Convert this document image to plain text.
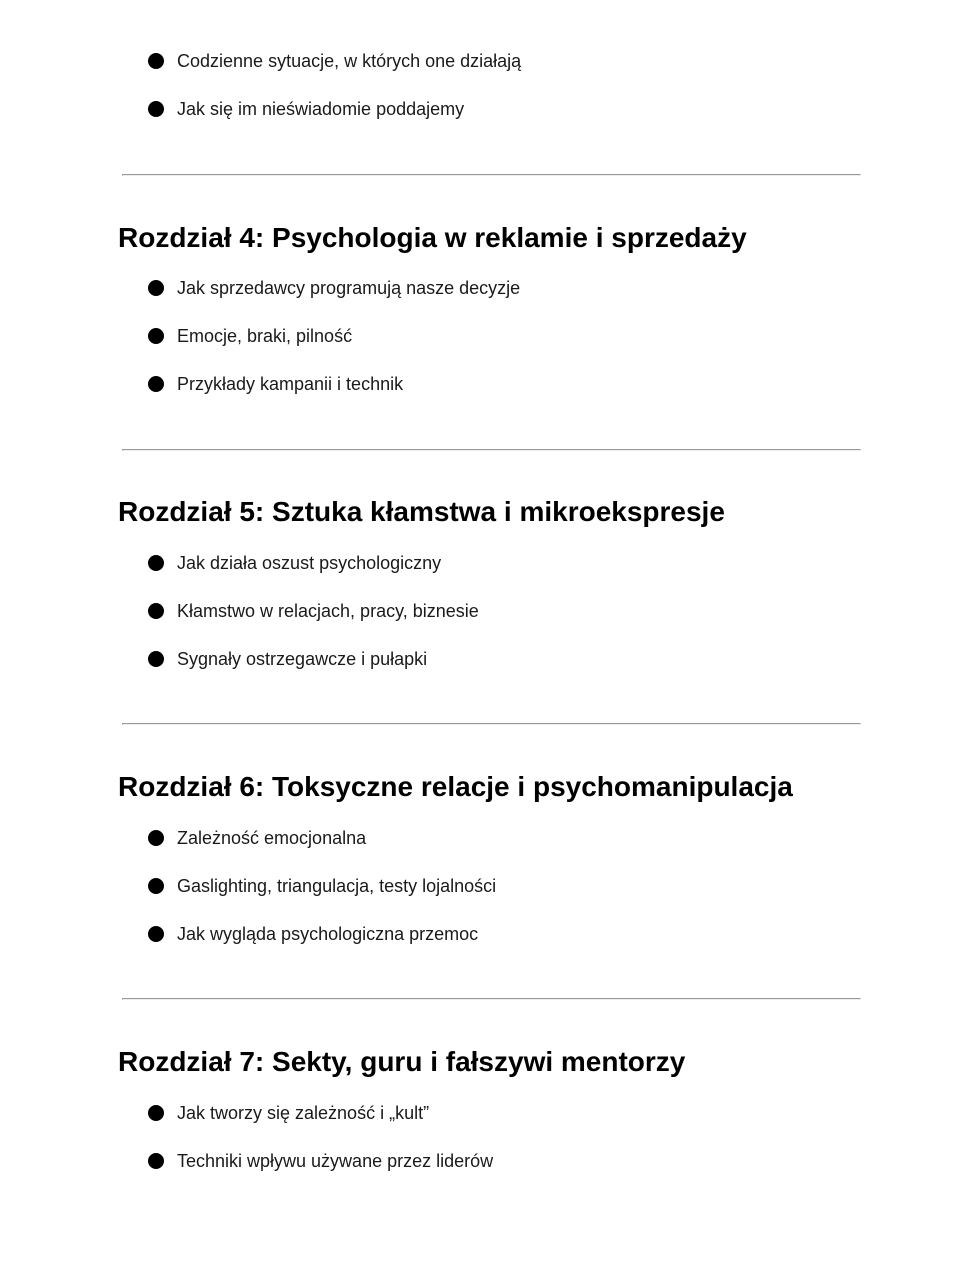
Codzienne sytuacje, w których one działają
Jak się im nieświadomie poddajemy
Rozdział 4: Psychologia w reklamie i sprzedaży
Jak sprzedawcy programują nasze decyzje
Emocje, braki, pilność
Przykłady kampanii i technik
Rozdział 5: Sztuka kłamstwa i mikroekspresje
Jak działa oszust psychologiczny
Kłamstwo w relacjach, pracy, biznesie
Sygnały ostrzegawcze i pułapki
Rozdział 6: Toksyczne relacje i psychomanipulacja
Zależność emocjonalna
Gaslighting, triangulacja, testy lojalności
Jak wygląda psychologiczna przemoc
Rozdział 7: Sekty, guru i fałszywi mentorzy
Jak tworzy się zależność i „kult”
Techniki wpływu używane przez liderów
